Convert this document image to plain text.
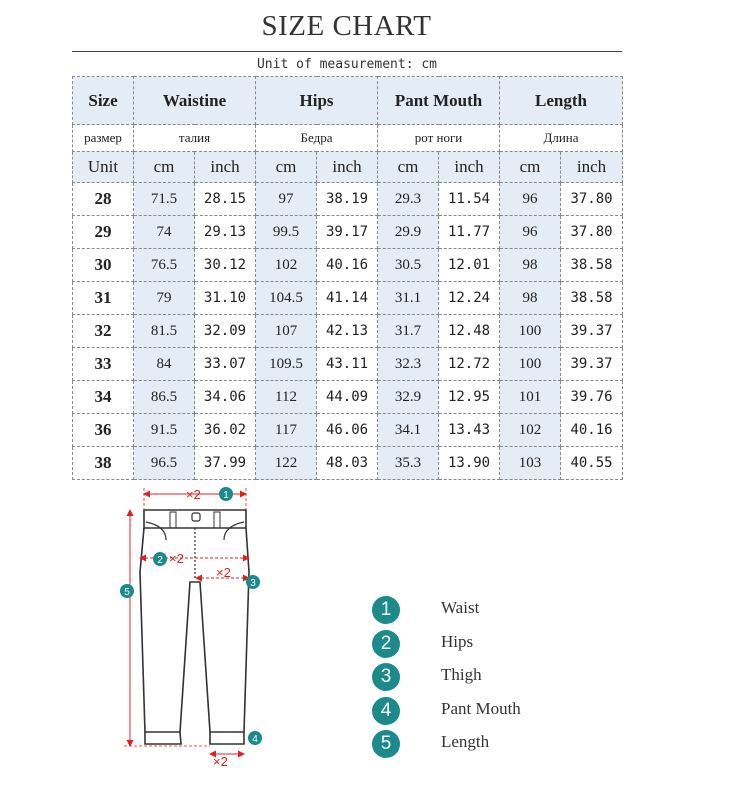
SIZE CHART
Unit of measurement: cm
Size	Waistine		Hips		Pant Mouth		Length	
размер	талия		Бедра		рот ноги		Длина	
Unit	cm	inch	cm	inch	cm	inch	cm	inch
28	71.5	28.15	97	38.19	29.3	11.54	96	37.80
29	74	29.13	99.5	39.17	29.9	11.77	96	37.80
30	76.5	30.12	102	40.16	30.5	12.01	98	38.58
31	79	31.10	104.5	41.14	31.1	12.24	98	38.58
32	81.5	32.09	107	42.13	31.7	12.48	100	39.37
33	84	33.07	109.5	43.11	32.3	12.72	100	39.37
34	86.5	34.06	112	44.09	32.9	12.95	101	39.76
36	91.5	36.02	117	46.06	34.1	13.43	102	40.16
38	96.5	37.99	122	48.03	35.3	13.90	103	40.55
×2 1
2 ×2
×2
3
5
×2
4
1	Waist
2	Hips
3	Thigh
4	Pant Mouth
5	Length
